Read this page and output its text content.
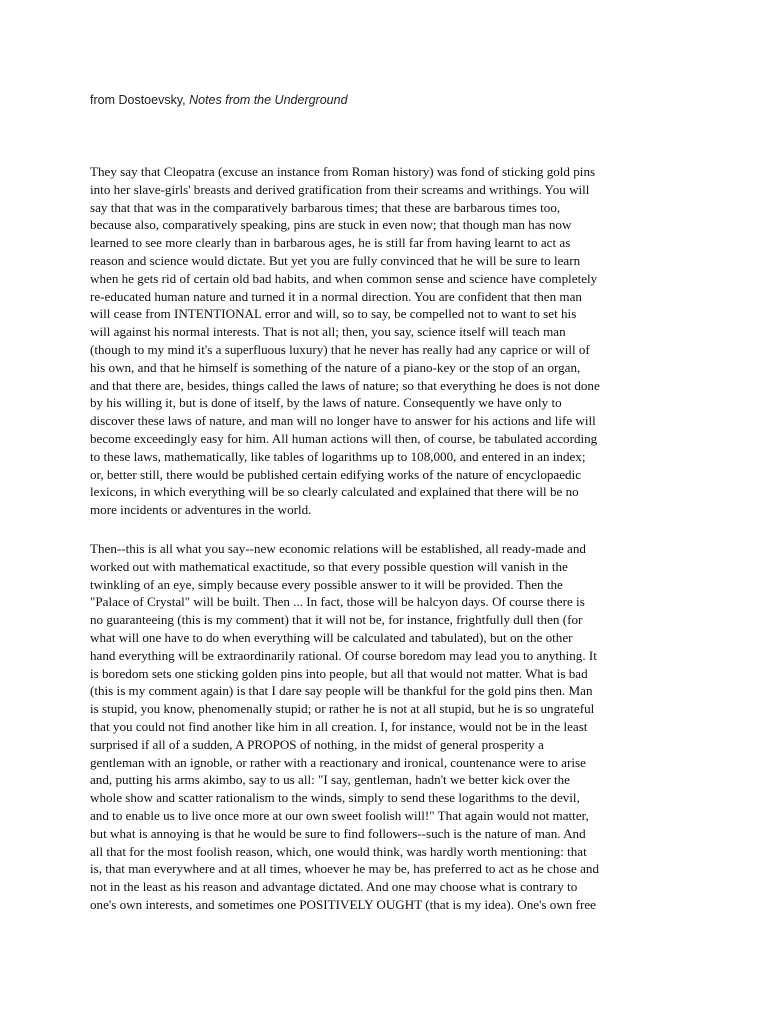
from Dostoevsky, Notes from the Underground
They say that Cleopatra (excuse an instance from Roman history) was fond of sticking gold pins
into her slave-girls' breasts and derived gratification from their screams and writhings. You will
say that that was in the comparatively barbarous times; that these are barbarous times too,
because also, comparatively speaking, pins are stuck in even now; that though man has now
learned to see more clearly than in barbarous ages, he is still far from having learnt to act as
reason and science would dictate. But yet you are fully convinced that he will be sure to learn
when he gets rid of certain old bad habits, and when common sense and science have completely
re-educated human nature and turned it in a normal direction. You are confident that then man
will cease from INTENTIONAL error and will, so to say, be compelled not to want to set his
will against his normal interests. That is not all; then, you say, science itself will teach man
(though to my mind it's a superfluous luxury) that he never has really had any caprice or will of
his own, and that he himself is something of the nature of a piano-key or the stop of an organ,
and that there are, besides, things called the laws of nature; so that everything he does is not done
by his willing it, but is done of itself, by the laws of nature. Consequently we have only to
discover these laws of nature, and man will no longer have to answer for his actions and life will
become exceedingly easy for him. All human actions will then, of course, be tabulated according
to these laws, mathematically, like tables of logarithms up to 108,000, and entered in an index;
or, better still, there would be published certain edifying works of the nature of encyclopaedic
lexicons, in which everything will be so clearly calculated and explained that there will be no
more incidents or adventures in the world.
Then--this is all what you say--new economic relations will be established, all ready-made and
worked out with mathematical exactitude, so that every possible question will vanish in the
twinkling of an eye, simply because every possible answer to it will be provided. Then the
"Palace of Crystal" will be built. Then ... In fact, those will be halcyon days. Of course there is
no guaranteeing (this is my comment) that it will not be, for instance, frightfully dull then (for
what will one have to do when everything will be calculated and tabulated), but on the other
hand everything will be extraordinarily rational. Of course boredom may lead you to anything. It
is boredom sets one sticking golden pins into people, but all that would not matter. What is bad
(this is my comment again) is that I dare say people will be thankful for the gold pins then. Man
is stupid, you know, phenomenally stupid; or rather he is not at all stupid, but he is so ungrateful
that you could not find another like him in all creation. I, for instance, would not be in the least
surprised if all of a sudden, A PROPOS of nothing, in the midst of general prosperity a
gentleman with an ignoble, or rather with a reactionary and ironical, countenance were to arise
and, putting his arms akimbo, say to us all: "I say, gentleman, hadn't we better kick over the
whole show and scatter rationalism to the winds, simply to send these logarithms to the devil,
and to enable us to live once more at our own sweet foolish will!" That again would not matter,
but what is annoying is that he would be sure to find followers--such is the nature of man. And
all that for the most foolish reason, which, one would think, was hardly worth mentioning: that
is, that man everywhere and at all times, whoever he may be, has preferred to act as he chose and
not in the least as his reason and advantage dictated. And one may choose what is contrary to
one's own interests, and sometimes one POSITIVELY OUGHT (that is my idea). One's own free
